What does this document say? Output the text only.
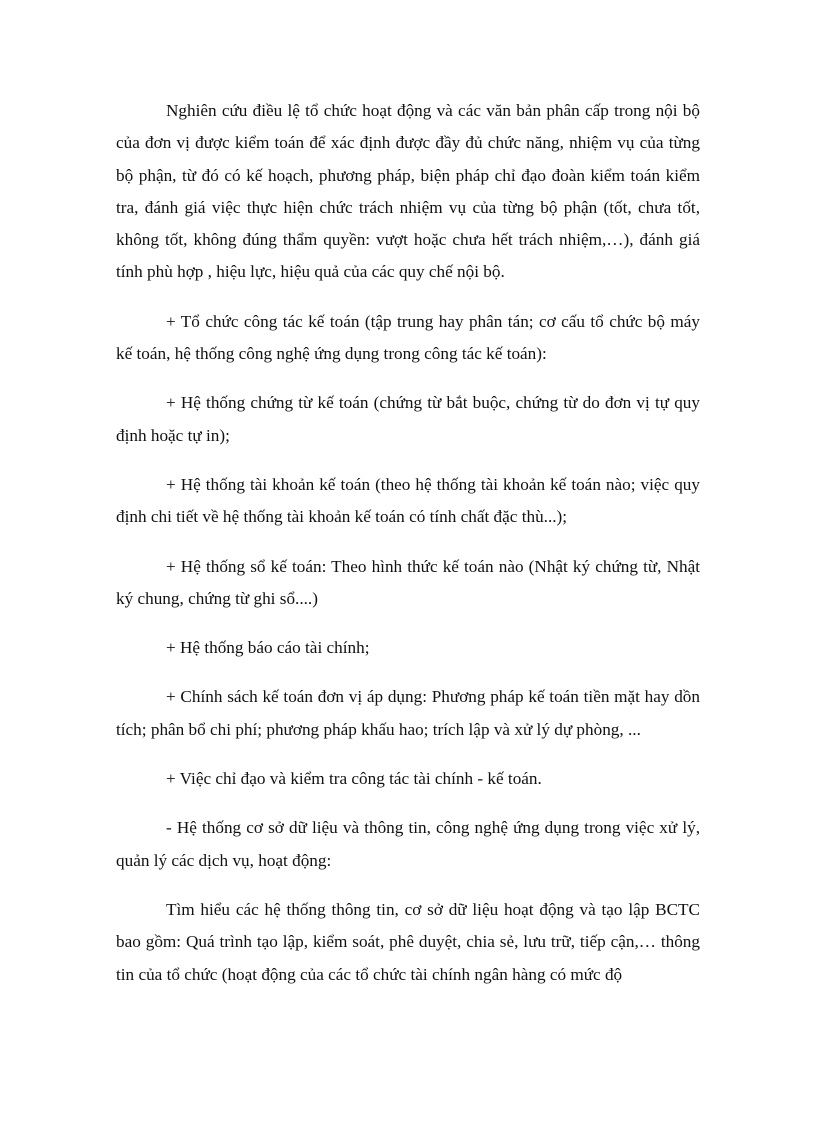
Nghiên cứu điều lệ tổ chức hoạt động và các văn bản phân cấp trong nội bộ của đơn vị được kiểm toán để xác định được đầy đủ chức năng, nhiệm vụ của từng bộ phận, từ đó có kế hoạch, phương pháp, biện pháp chỉ đạo đoàn kiểm toán kiểm tra, đánh giá việc thực hiện chức trách nhiệm vụ của từng bộ phận (tốt, chưa tốt, không tốt, không đúng thẩm quyền: vượt hoặc chưa hết trách nhiệm,…), đánh giá tính phù hợp , hiệu lực, hiệu quả của các quy chế nội bộ.

+ Tổ chức công tác kế toán (tập trung hay phân tán; cơ cấu tổ chức bộ máy kế toán, hệ thống công nghệ ứng dụng trong công tác kế toán):

+ Hệ thống chứng từ kế toán (chứng từ bắt buộc, chứng từ do đơn vị tự quy định hoặc tự in);

+ Hệ thống tài khoản kế toán (theo hệ thống tài khoản kế toán nào; việc quy định chi tiết về hệ thống tài khoản kế toán có tính chất đặc thù...);

+ Hệ thống sổ kế toán: Theo hình thức kế toán nào (Nhật ký chứng từ, Nhật ký chung, chứng từ ghi sổ....)

+ Hệ thống báo cáo tài chính;

+ Chính sách kế toán đơn vị áp dụng: Phương pháp kế toán tiền mặt hay dồn tích; phân bổ chi phí; phương pháp khấu hao; trích lập và xử lý dự phòng, ...

+ Việc chỉ đạo và kiểm tra công tác tài chính - kế toán.

- Hệ thống cơ sở dữ liệu và thông tin, công nghệ ứng dụng trong việc xử lý, quản lý các dịch vụ, hoạt động:

Tìm hiểu các hệ thống thông tin, cơ sở dữ liệu hoạt động và tạo lập BCTC bao gồm: Quá trình tạo lập, kiểm soát, phê duyệt, chia sẻ, lưu trữ, tiếp cận,… thông tin của tổ chức (hoạt động của các tổ chức tài chính ngân hàng có mức độ
